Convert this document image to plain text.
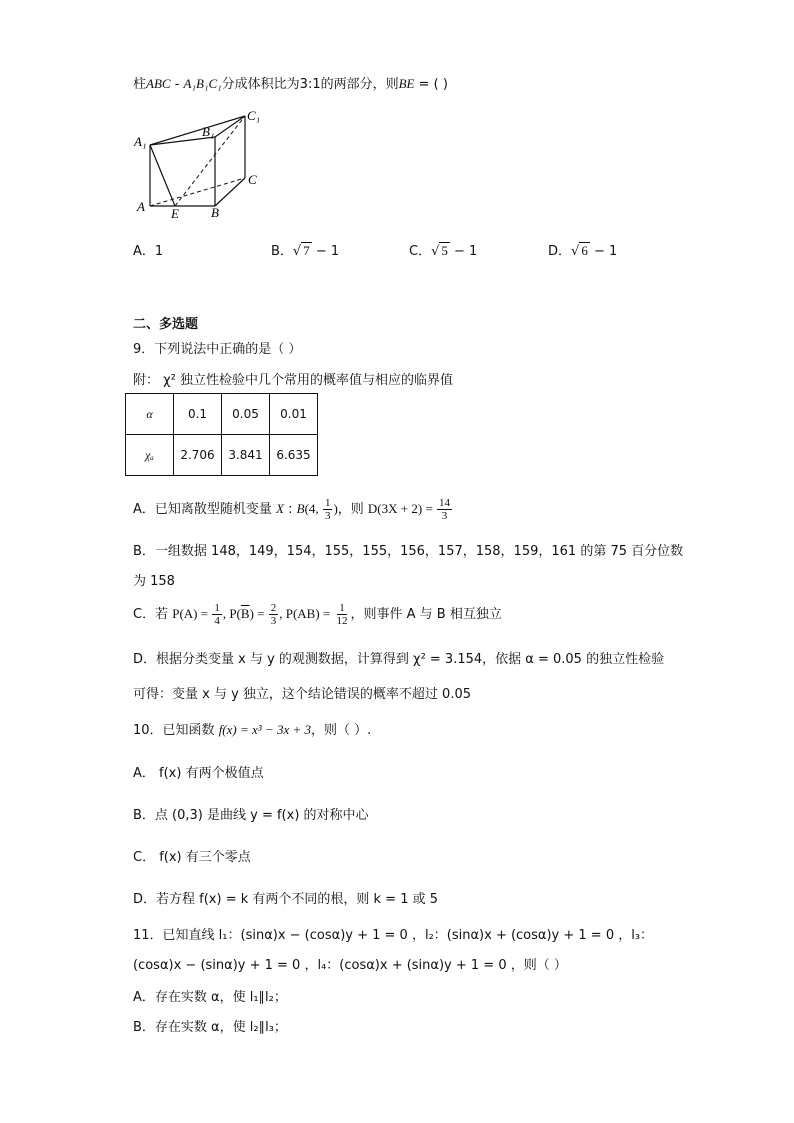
柱ABC - A₁B₁C₁分成体积比为3:1的两部分，则BE = ( )
A₁
B₁
C₁
C
A E B
A．1	B．√ 7 − 1	C．√ 5 − 1	D．√ 6 − 1
二、多选题
9．下列说法中正确的是（ ）
附： χ² 独立性检验中几个常用的概率值与相应的临界值
α	0.1	0.05	0.01
χₐ	2.706	3.841	6.635
A．已知离散型随机变量 X : B(4, $\frac{1}{3}$ )，则 $D(3X + 2) = \frac{14}{3}$
B．一组数据 148，149，154，155，155，156，157，158，159，161 的第 75 百分位数
为 158
C．若 $P(A) = \frac{1}{4}$ , $P(\overline{B}) = \frac{2}{3}$ , $P(AB) = \frac{1}{12}$ ，则事件 A 与 B 相互独立
D．根据分类变量 x 与 y 的观测数据，计算得到 χ² = 3.154，依据 α = 0.05 的独立性检验
可得：变量 x 与 y 独立，这个结论错误的概率不超过 0.05
10．已知函数 f(x) = x³ − 3x + 3，则（ ）.
A． f(x) 有两个极值点
B．点 (0,3) 是曲线 y = f(x) 的对称中心
C． f(x) 有三个零点
D．若方程 f(x) = k 有两个不同的根，则 k = 1 或 5
11．已知直线 l₁：(sinα)x − (cosα)y + 1 = 0 ，l₂：(sinα)x + (cosα)y + 1 = 0 ，l₃：
(cosα)x − (sinα)y + 1 = 0 ，l₄：(cosα)x + (sinα)y + 1 = 0 ，则（ ）
A．存在实数 α，使 l₁∥l₂；
B．存在实数 α，使 l₂∥l₃；
